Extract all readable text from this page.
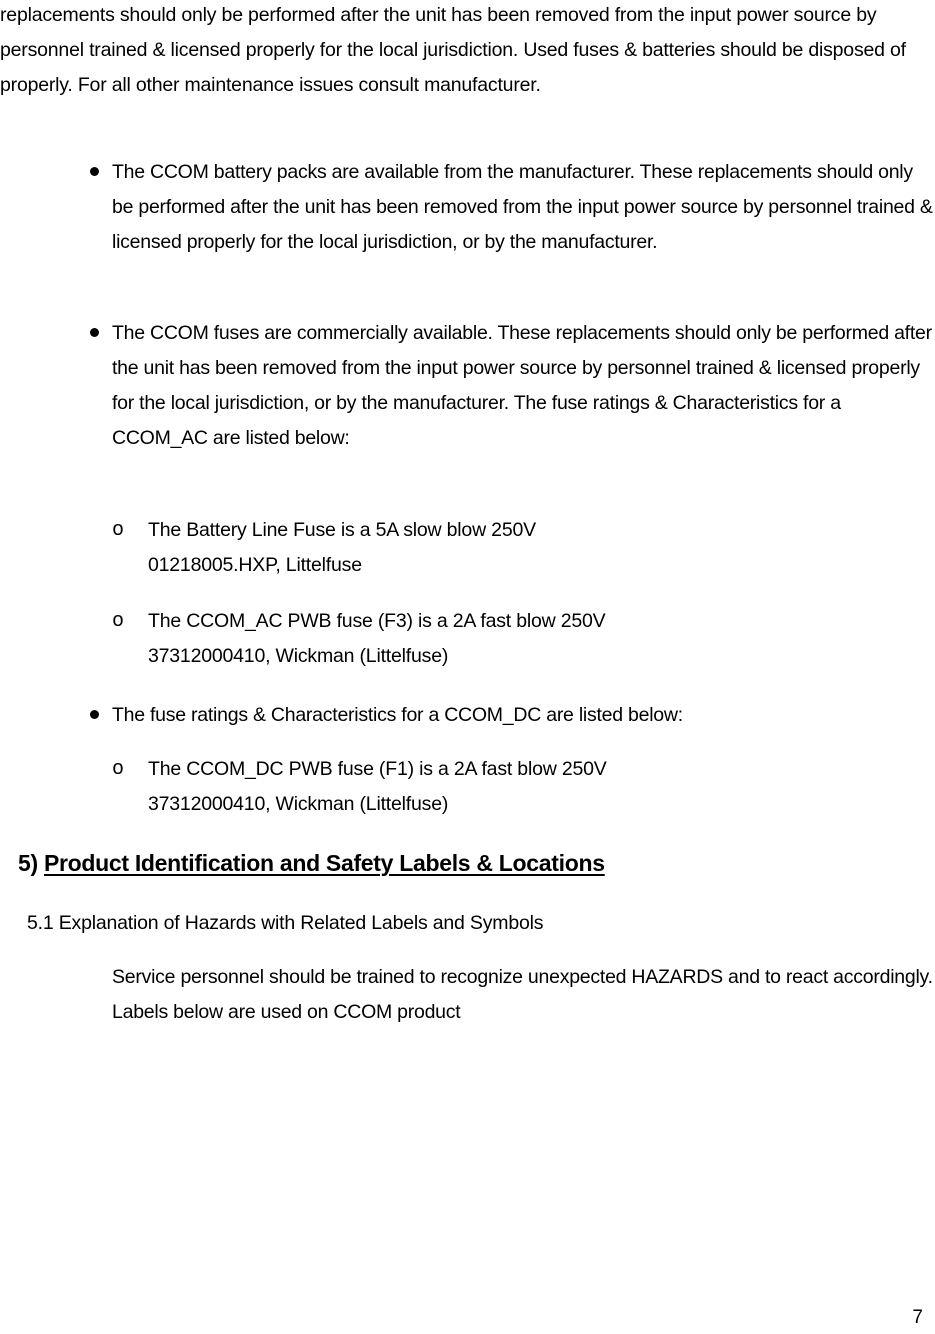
replacements should only be performed after the unit has been removed from the input power source by personnel trained & licensed properly for the local jurisdiction. Used fuses & batteries should be disposed of properly. For all other maintenance issues consult manufacturer.

The CCOM battery packs are available from the manufacturer. These replacements should only be performed after the unit has been removed from the input power source by personnel trained & licensed properly for the local jurisdiction, or by the manufacturer.

The CCOM fuses are commercially available. These replacements should only be performed after the unit has been removed from the input power source by personnel trained & licensed properly for the local jurisdiction, or by the manufacturer. The fuse ratings & Characteristics for a CCOM_AC are listed below:

o The Battery Line Fuse is a 5A slow blow 250V

01218005.HXP, Littelfuse

o The CCOM_AC PWB fuse (F3) is a 2A fast blow 250V

37312000410, Wickman (Littelfuse)

The fuse ratings & Characteristics for a CCOM_DC are listed below:

o The CCOM_DC PWB fuse (F1) is a 2A fast blow 250V

37312000410, Wickman (Littelfuse)

5) Product Identification and Safety Labels & Locations
5.1 Explanation of Hazards with Related Labels and Symbols

Service personnel should be trained to recognize unexpected HAZARDS and to react accordingly. Labels below are used on CCOM product

7
